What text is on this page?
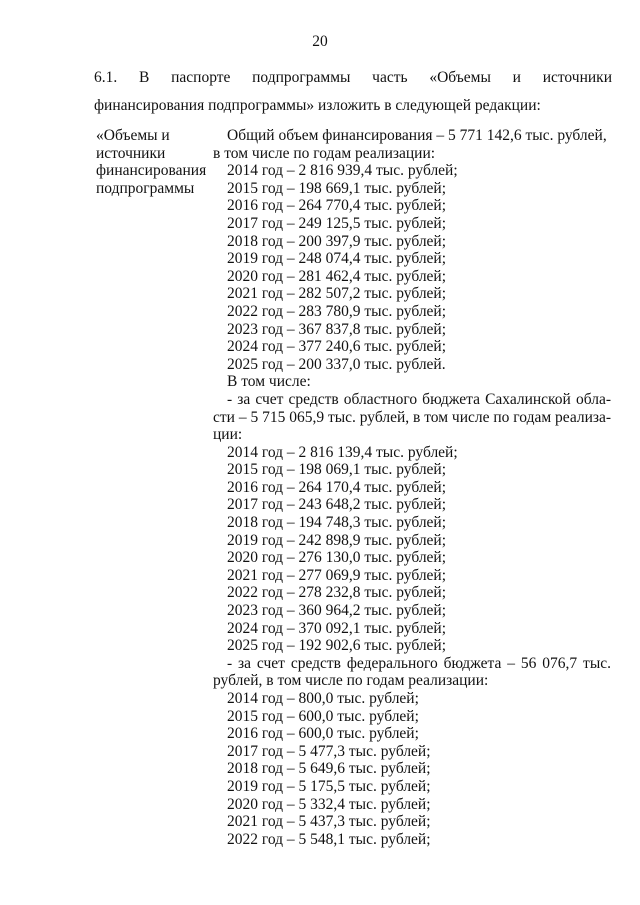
20
6.1. В паспорте подпрограммы часть «Объемы и источники
финансирования подпрограммы» изложить в следующей редакции:
«Объемы и
источники
финансирования
подпрограммы
Общий объем финансирования – 5 771 142,6 тыс. рублей,
в том числе по годам реализации:
2014 год – 2 816 939,4 тыс. рублей;
2015 год – 198 669,1 тыс. рублей;
2016 год – 264 770,4 тыс. рублей;
2017 год – 249 125,5 тыс. рублей;
2018 год – 200 397,9 тыс. рублей;
2019 год – 248 074,4 тыс. рублей;
2020 год – 281 462,4 тыс. рублей;
2021 год – 282 507,2 тыс. рублей;
2022 год – 283 780,9 тыс. рублей;
2023 год – 367 837,8 тыс. рублей;
2024 год – 377 240,6 тыс. рублей;
2025 год – 200 337,0 тыс. рублей.
В том числе:
- за счет средств областного бюджета Сахалинской обла-
сти – 5 715 065,9 тыс. рублей, в том числе по годам реализа-
ции:
2014 год – 2 816 139,4 тыс. рублей;
2015 год – 198 069,1 тыс. рублей;
2016 год – 264 170,4 тыс. рублей;
2017 год – 243 648,2 тыс. рублей;
2018 год – 194 748,3 тыс. рублей;
2019 год – 242 898,9 тыс. рублей;
2020 год – 276 130,0 тыс. рублей;
2021 год – 277 069,9 тыс. рублей;
2022 год – 278 232,8 тыс. рублей;
2023 год – 360 964,2 тыс. рублей;
2024 год – 370 092,1 тыс. рублей;
2025 год – 192 902,6 тыс. рублей;
- за счет средств федерального бюджета – 56 076,7 тыс.
рублей, в том числе по годам реализации:
2014 год – 800,0 тыс. рублей;
2015 год – 600,0 тыс. рублей;
2016 год – 600,0 тыс. рублей;
2017 год – 5 477,3 тыс. рублей;
2018 год – 5 649,6 тыс. рублей;
2019 год – 5 175,5 тыс. рублей;
2020 год – 5 332,4 тыс. рублей;
2021 год – 5 437,3 тыс. рублей;
2022 год – 5 548,1 тыс. рублей;
